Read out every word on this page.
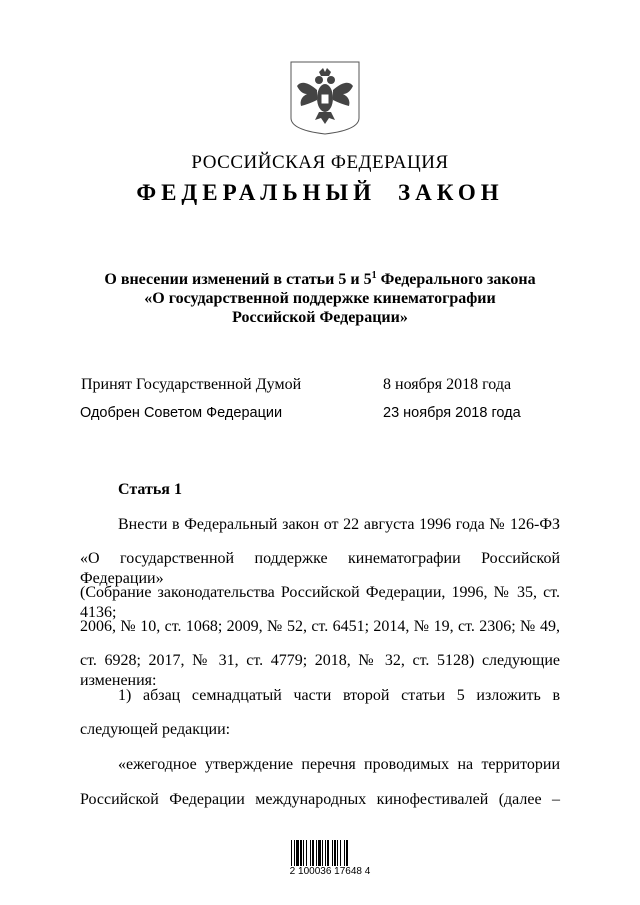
РОССИЙСКАЯ ФЕДЕРАЦИЯ
ФЕДЕРАЛЬНЫЙ ЗАКОН
О внесении изменений в статьи 5 и $5^1$ Федерального закона
«О государственной поддержке кинематографии
Российской Федерации»
Принят Государственной Думой	8 ноября 2018 года
Одобрен Советом Федерации	23 ноября 2018 года
Статья 1
Внести в Федеральный закон от 22 августа 1996 года № 126-ФЗ
«О государственной поддержке кинематографии Российской Федерации»
(Собрание законодательства Российской Федерации, 1996, № 35, ст. 4136;
2006, № 10, ст. 1068; 2009, № 52, ст. 6451; 2014, № 19, ст. 2306; № 49,
ст. 6928; 2017, № 31, ст. 4779; 2018, № 32, ст. 5128) следующие изменения:
1) абзац семнадцатый части второй статьи 5 изложить в
следующей редакции:
«ежегодное утверждение перечня проводимых на территории
Российской Федерации международных кинофестивалей (далее –
2 100036 17648 4
